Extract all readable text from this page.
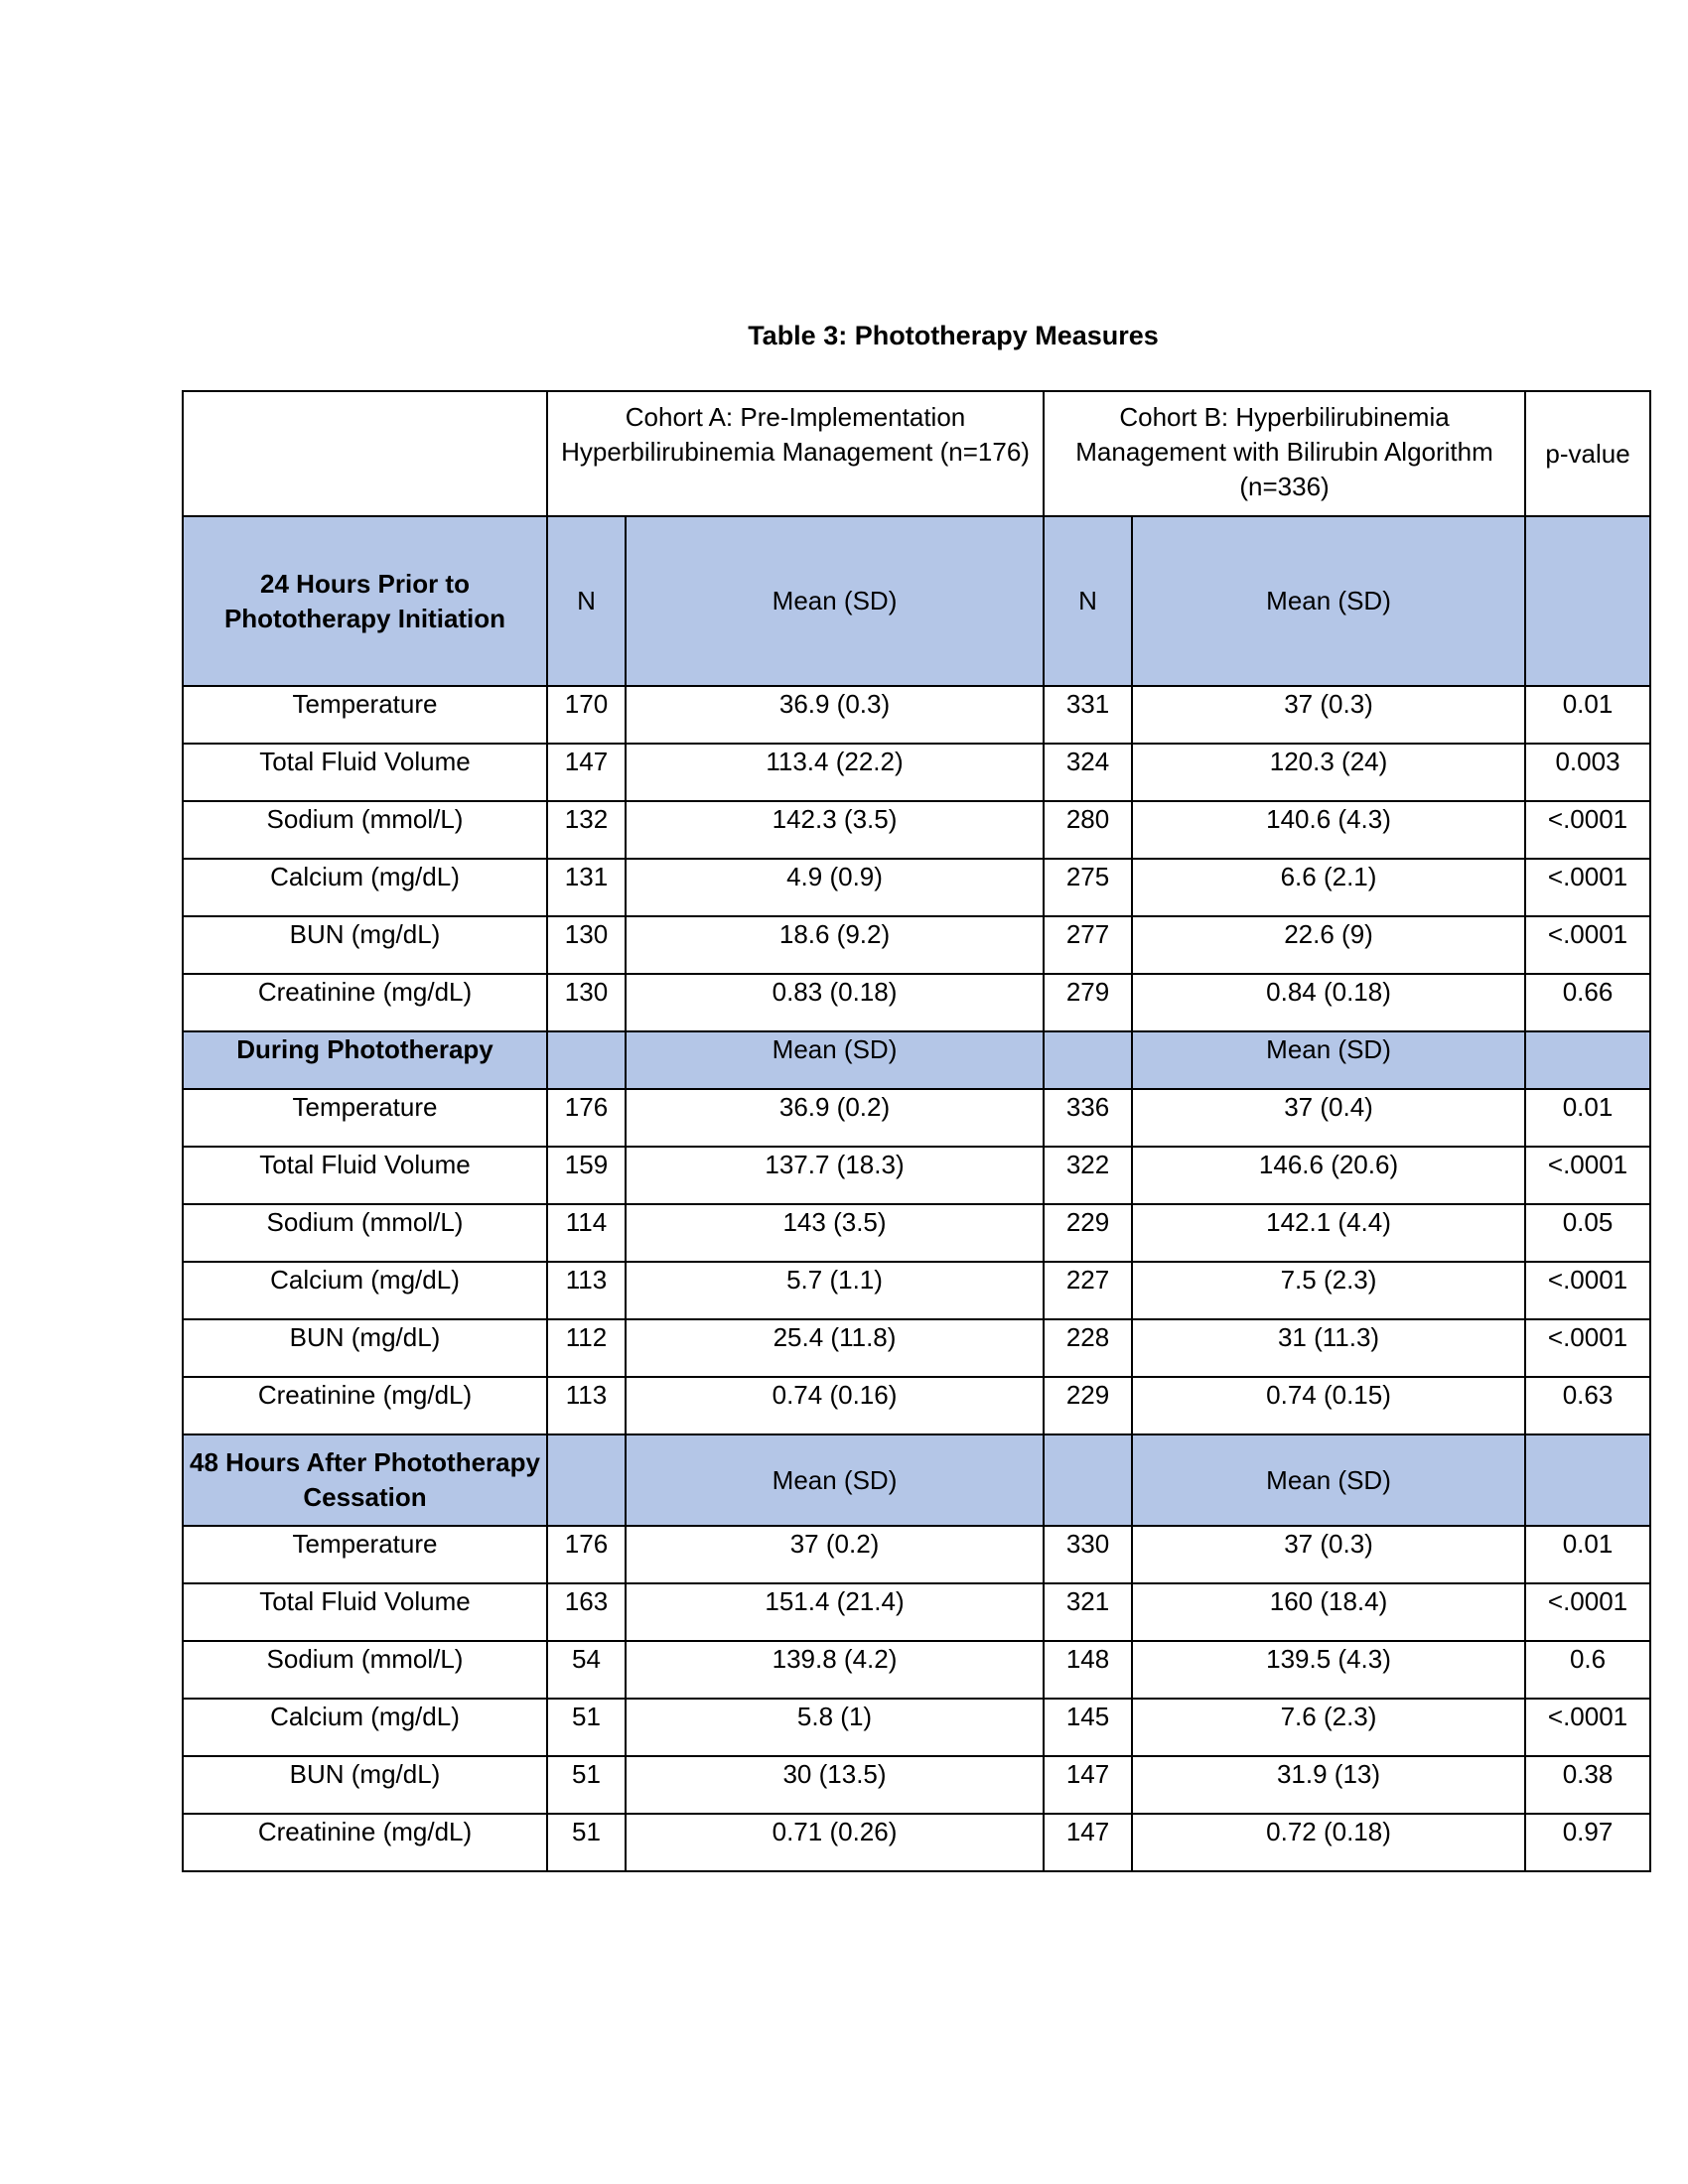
Table 3: Phototherapy Measures
	Cohort A: Pre-Implementation Hyperbilirubinemia Management (n=176)		Cohort B: Hyperbilirubinemia Management with Bilirubin Algorithm (n=336)		p-value
24 Hours Prior to Phototherapy Initiation	N	Mean (SD)	N	Mean (SD)	
Temperature	170	36.9 (0.3)	331	37 (0.3)	0.01
Total Fluid Volume	147	113.4 (22.2)	324	120.3 (24)	0.003
Sodium (mmol/L)	132	142.3 (3.5)	280	140.6 (4.3)	<.0001
Calcium (mg/dL)	131	4.9 (0.9)	275	6.6 (2.1)	<.0001
BUN (mg/dL)	130	18.6 (9.2)	277	22.6 (9)	<.0001
Creatinine (mg/dL)	130	0.83 (0.18)	279	0.84 (0.18)	0.66
During Phototherapy		Mean (SD)		Mean (SD)	
Temperature	176	36.9 (0.2)	336	37 (0.4)	0.01
Total Fluid Volume	159	137.7 (18.3)	322	146.6 (20.6)	<.0001
Sodium (mmol/L)	114	143 (3.5)	229	142.1 (4.4)	0.05
Calcium (mg/dL)	113	5.7 (1.1)	227	7.5 (2.3)	<.0001
BUN (mg/dL)	112	25.4 (11.8)	228	31 (11.3)	<.0001
Creatinine (mg/dL)	113	0.74 (0.16)	229	0.74 (0.15)	0.63
48 Hours After Phototherapy Cessation		Mean (SD)		Mean (SD)	
Temperature	176	37 (0.2)	330	37 (0.3)	0.01
Total Fluid Volume	163	151.4 (21.4)	321	160 (18.4)	<.0001
Sodium (mmol/L)	54	139.8 (4.2)	148	139.5 (4.3)	0.6
Calcium (mg/dL)	51	5.8 (1)	145	7.6 (2.3)	<.0001
BUN (mg/dL)	51	30 (13.5)	147	31.9 (13)	0.38
Creatinine (mg/dL)	51	0.71 (0.26)	147	0.72 (0.18)	0.97
